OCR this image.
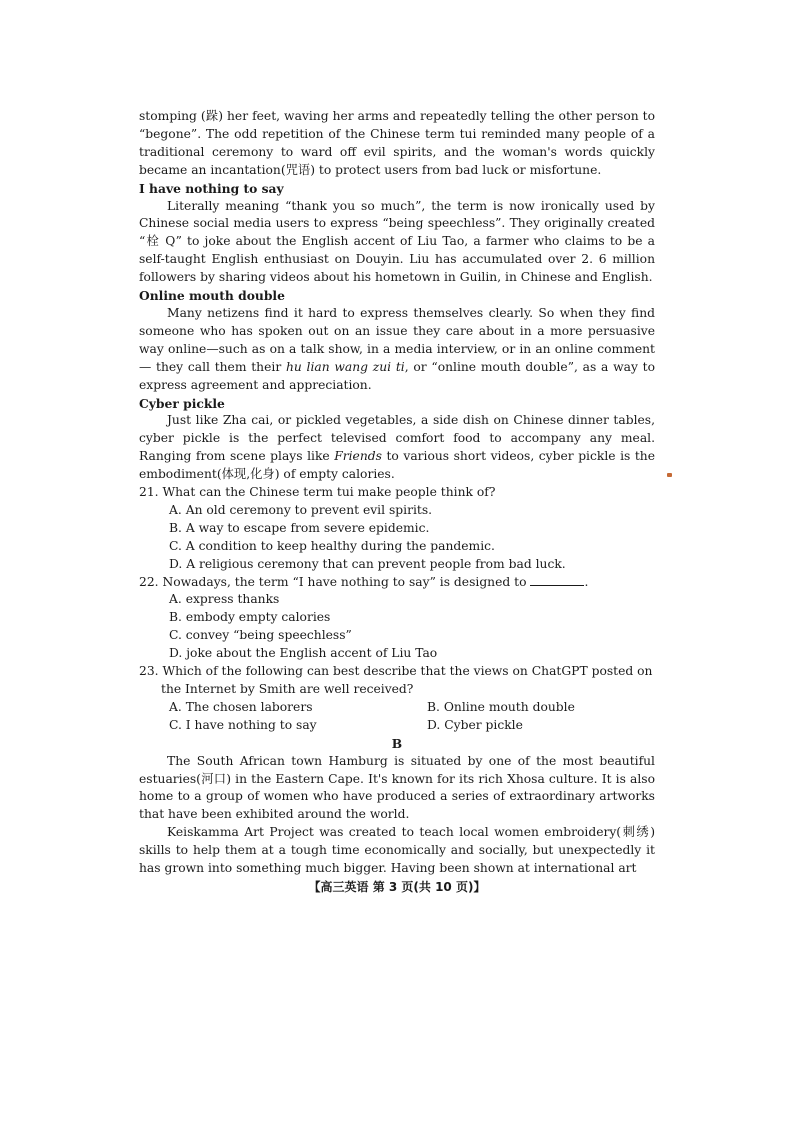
stomping (跺) her feet, waving her arms and repeatedly telling the other person to “begone”. The odd repetition of the Chinese term tui reminded many people of a traditional ceremony to ward off evil spirits, and the woman's words quickly became an incantation(咒语) to protect users from bad luck or misfortune.

I have nothing to say

Literally meaning “thank you so much”, the term is now ironically used by Chinese social media users to express “being speechless”. They originally created “栓 Q” to joke about the English accent of Liu Tao, a farmer who claims to be a self-taught English enthusiast on Douyin. Liu has accumulated over 2. 6 million followers by sharing videos about his hometown in Guilin, in Chinese and English.

Online mouth double

Many netizens find it hard to express themselves clearly. So when they find someone who has spoken out on an issue they care about in a more persuasive way online—such as on a talk show, in a media interview, or in an online comment— they call them their hu lian wang zui ti, or “online mouth double”, as a way to express agreement and appreciation.

Cyber pickle

Just like Zha cai, or pickled vegetables, a side dish on Chinese dinner tables, cyber pickle is the perfect televised comfort food to accompany any meal. Ranging from scene plays like Friends to various short videos, cyber pickle is the embodiment(体现,化身) of empty calories.

21. What can the Chinese term tui make people think of?

A. An old ceremony to prevent evil spirits.

B. A way to escape from severe epidemic.

C. A condition to keep healthy during the pandemic.

D. A religious ceremony that can prevent people from bad luck.

22. Nowadays, the term “I have nothing to say” is designed to	.

A. express thanks

B. embody empty calories

C. convey “being speechless”

D. joke about the English accent of Liu Tao

23. Which of the following can best describe that the views on ChatGPT posted on

the Internet by Smith are well received?

A. The chosen laborers	B. Online mouth double
C. I have nothing to say	D. Cyber pickle

B

The South African town Hamburg is situated by one of the most beautiful estuaries(河口) in the Eastern Cape. It's known for its rich Xhosa culture. It is also home to a group of women who have produced a series of extraordinary artworks that have been exhibited around the world.

Keiskamma Art Project was created to teach local women embroidery(刺绣) skills to help them at a tough time economically and socially, but unexpectedly it has grown into something much bigger. Having been shown at international art

【高三英语 第 3 页(共 10 页)】
